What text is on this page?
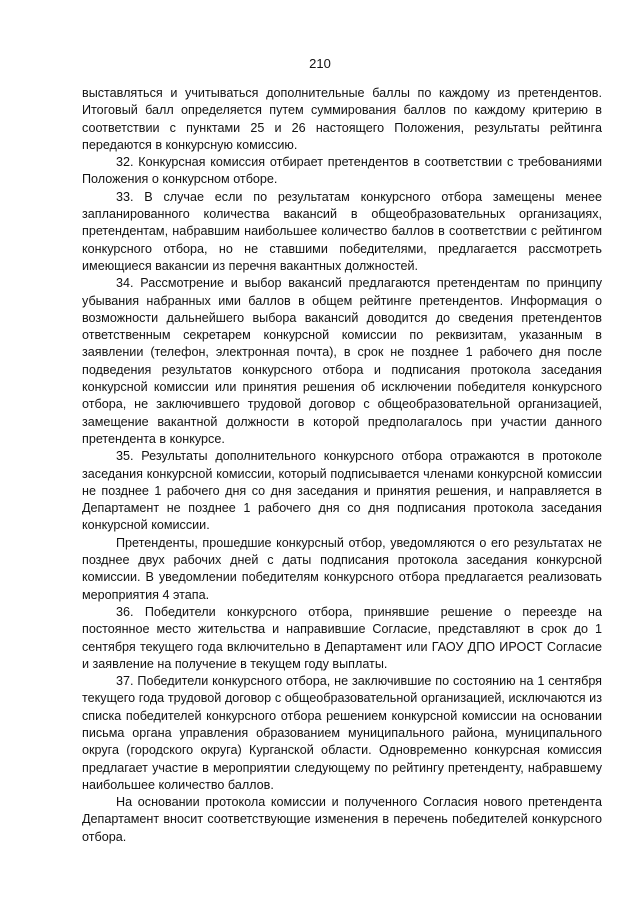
210

выставляться и учитываться дополнительные баллы по каждому из претендентов. Итоговый балл определяется путем суммирования баллов по каждому критерию в соответствии с пунктами 25 и 26 настоящего Положения, результаты рейтинга передаются в конкурсную комиссию.

32. Конкурсная комиссия отбирает претендентов в соответствии с требованиями Положения о конкурсном отборе.

33. В случае если по результатам конкурсного отбора замещены менее запланированного количества вакансий в общеобразовательных организациях, претендентам, набравшим наибольшее количество баллов в соответствии с рейтингом конкурсного отбора, но не ставшими победителями, предлагается рассмотреть имеющиеся вакансии из перечня вакантных должностей.

34. Рассмотрение и выбор вакансий предлагаются претендентам по принципу убывания набранных ими баллов в общем рейтинге претендентов. Информация о возможности дальнейшего выбора вакансий доводится до сведения претендентов ответственным секретарем конкурсной комиссии по реквизитам, указанным в заявлении (телефон, электронная почта), в срок не позднее 1 рабочего дня после подведения результатов конкурсного отбора и подписания протокола заседания конкурсной комиссии или принятия решения об исключении победителя конкурсного отбора, не заключившего трудовой договор с общеобразовательной организацией, замещение вакантной должности в которой предполагалось при участии данного претендента в конкурсе.

35. Результаты дополнительного конкурсного отбора отражаются в протоколе заседания конкурсной комиссии, который подписывается членами конкурсной комиссии не позднее 1 рабочего дня со дня заседания и принятия решения, и направляется в Департамент не позднее 1 рабочего дня со дня подписания протокола заседания конкурсной комиссии.

Претенденты, прошедшие конкурсный отбор, уведомляются о его результатах не позднее двух рабочих дней с даты подписания протокола заседания конкурсной комиссии. В уведомлении победителям конкурсного отбора предлагается реализовать мероприятия 4 этапа.

36. Победители конкурсного отбора, принявшие решение о переезде на постоянное место жительства и направившие Согласие, представляют в срок до 1 сентября текущего года включительно в Департамент или ГАОУ ДПО ИРОСТ Согласие и заявление на получение в текущем году выплаты.

37. Победители конкурсного отбора, не заключившие по состоянию на 1 сентября текущего года трудовой договор с общеобразовательной организацией, исключаются из списка победителей конкурсного отбора решением конкурсной комиссии на основании письма органа управления образованием муниципального района, муниципального округа (городского округа) Курганской области. Одновременно конкурсная комиссия предлагает участие в мероприятии следующему по рейтингу претенденту, набравшему наибольшее количество баллов.

На основании протокола комиссии и полученного Согласия нового претендента Департамент вносит соответствующие изменения в перечень победителей конкурсного отбора.
